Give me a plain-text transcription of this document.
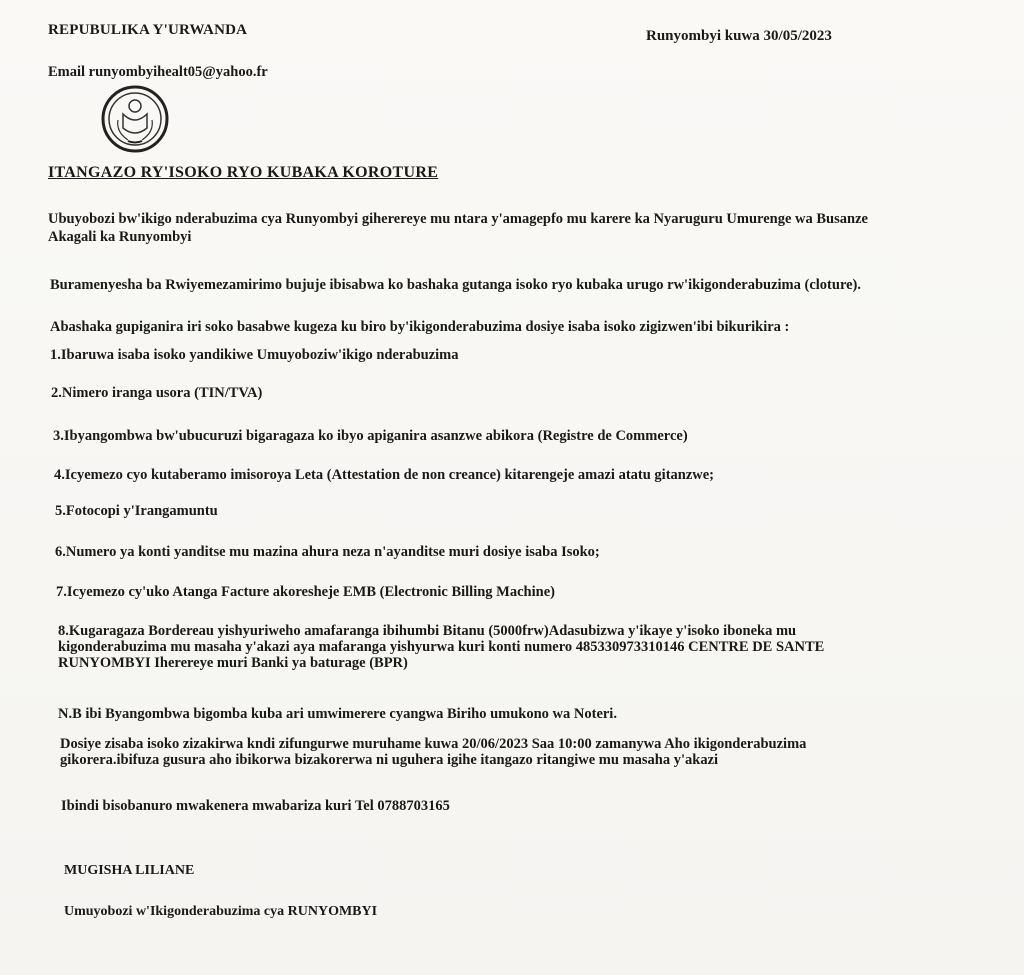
REPUBULIKA Y'URWANDA	Runyombyi kuwa 30/05/2023
Email runyombyihealt05@yahoo.fr
ITANGAZO RY'ISOKO RYO KUBAKA KOROTURE
Ubuyobozi bw'ikigo nderabuzima cya Runyombyi giherereye mu ntara y'amagepfo mu karere ka Nyaruguru Umurenge wa Busanze
Akagali ka Runyombyi
Buramenyesha ba Rwiyemezamirimo bujuje ibisabwa ko bashaka gutanga isoko ryo kubaka urugo rw'ikigonderabuzima (cloture).
Abashaka gupiganira iri soko basabwe kugeza ku biro by'ikigonderabuzima dosiye isaba isoko zigizwen'ibi bikurikira :
1.Ibaruwa isaba isoko yandikiwe Umuyoboziw'ikigo nderabuzima
2.Nimero iranga usora (TIN/TVA)
3.Ibyangombwa bw'ubucuruzi bigaragaza ko ibyo apiganira asanzwe abikora (Registre de Commerce)
4.Icyemezo cyo kutaberamo imisoroya Leta (Attestation de non creance) kitarengeje amazi atatu gitanzwe;
5.Fotocopi y'Irangamuntu
6.Numero ya konti yanditse mu mazina ahura neza n'ayanditse muri dosiye isaba Isoko;
7.Icyemezo cy'uko Atanga Facture akoresheje EMB (Electronic Billing Machine)
8.Kugaragaza Bordereau yishyuriweho amafaranga ibihumbi Bitanu (5000frw)Adasubizwa y'ikaye y'isoko iboneka mu
kigonderabuzima mu masaha y'akazi aya mafaranga yishyurwa kuri konti numero 485330973310146 CENTRE DE SANTE
RUNYOMBYI Iherereye muri Banki ya baturage (BPR)
N.B ibi Byangombwa bigomba kuba ari umwimerere cyangwa Biriho umukono wa Noteri.
Dosiye zisaba isoko zizakirwa kndi zifungurwe muruhame kuwa 20/06/2023 Saa 10:00 zamanywa Aho ikigonderabuzima
gikorera.ibifuza gusura aho ibikorwa bizakorerwa ni uguhera igihe itangazo ritangiwe mu masaha y'akazi
Ibindi bisobanuro mwakenera mwabariza kuri Tel 0788703165
MUGISHA LILIANE
Umuyobozi w'Ikigonderabuzima cya RUNYOMBYI
